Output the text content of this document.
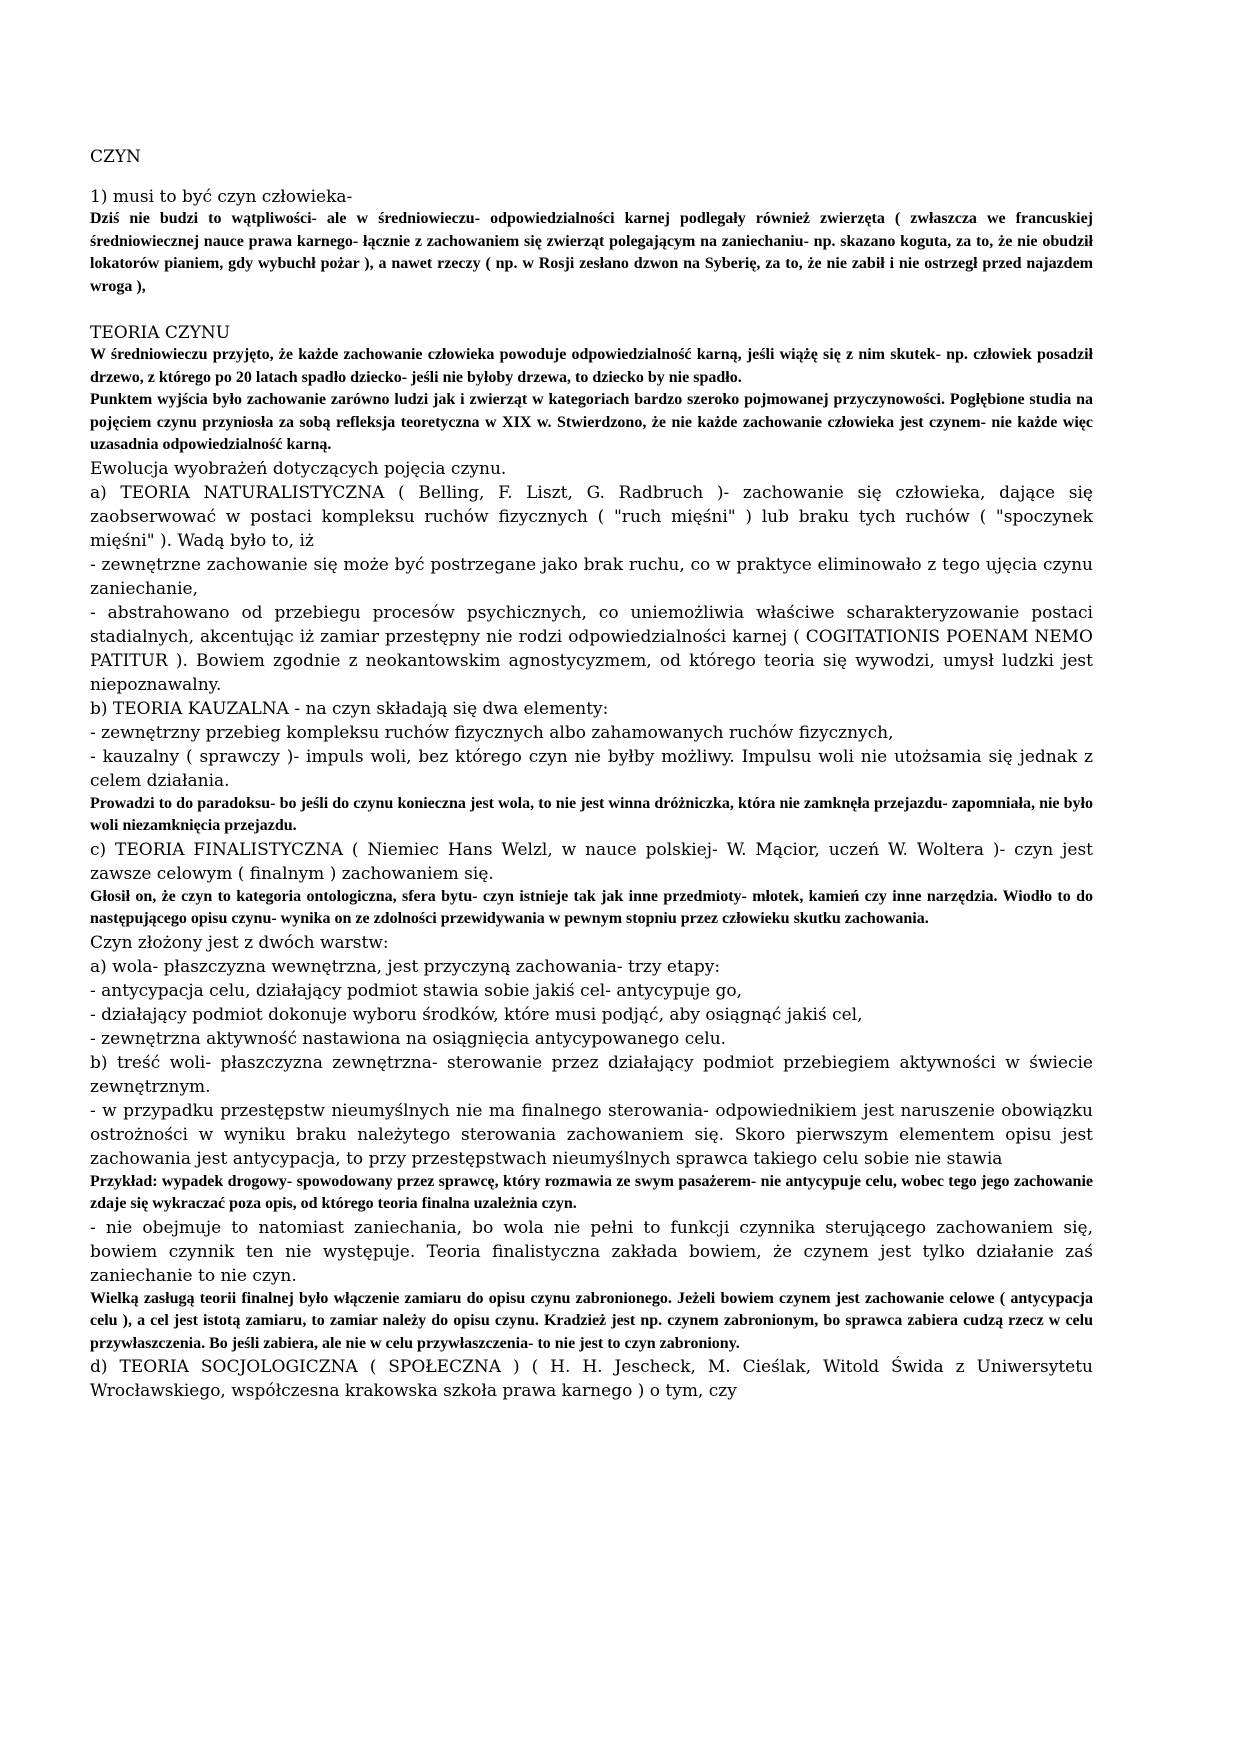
CZYN

1) musi to być czyn człowieka-

Dziś nie budzi to wątpliwości- ale w średniowieczu- odpowiedzialności karnej podlegały również zwierzęta ( zwłaszcza we francuskiej średniowiecznej nauce prawa karnego- łącznie z zachowaniem się zwierząt polegającym na zaniechaniu- np. skazano koguta, za to, że nie obudził lokatorów pianiem, gdy wybuchł pożar ), a nawet rzeczy ( np. w Rosji zesłano dzwon na Syberię, za to, że nie zabił i nie ostrzegł przed najazdem wroga ),

TEORIA CZYNU

W średniowieczu przyjęto, że każde zachowanie człowieka powoduje odpowiedzialność karną, jeśli wiążę się z nim skutek- np. człowiek posadził drzewo, z którego po 20 latach spadło dziecko- jeśli nie byłoby drzewa, to dziecko by nie spadło.

Punktem wyjścia było zachowanie zarówno ludzi jak i zwierząt w kategoriach bardzo szeroko pojmowanej przyczynowości. Pogłębione studia na pojęciem czynu przyniosła za sobą refleksja teoretyczna w XIX w. Stwierdzono, że nie każde zachowanie człowieka jest czynem- nie każde więc uzasadnia odpowiedzialność karną.

Ewolucja wyobrażeń dotyczących pojęcia czynu.

a) TEORIA NATURALISTYCZNA ( Belling, F. Liszt, G. Radbruch )- zachowanie się człowieka, dające się zaobserwować w postaci kompleksu ruchów fizycznych ( "ruch mięśni" ) lub braku tych ruchów ( "spoczynek mięśni" ). Wadą było to, iż

- zewnętrzne zachowanie się może być postrzegane jako brak ruchu, co w praktyce eliminowało z tego ujęcia czynu zaniechanie,

- abstrahowano od przebiegu procesów psychicznych, co uniemożliwia właściwe scharakteryzowanie postaci stadialnych, akcentując iż zamiar przestępny nie rodzi odpowiedzialności karnej ( COGITATIONIS POENAM NEMO PATITUR ). Bowiem zgodnie z neokantowskim agnostycyzmem, od którego teoria się wywodzi, umysł ludzki jest niepoznawalny.

b) TEORIA KAUZALNA - na czyn składają się dwa elementy:

- zewnętrzny przebieg kompleksu ruchów fizycznych albo zahamowanych ruchów fizycznych,

- kauzalny ( sprawczy )- impuls woli, bez którego czyn nie byłby możliwy. Impulsu woli nie utożsamia się jednak z celem działania.

Prowadzi to do paradoksu- bo jeśli do czynu konieczna jest wola, to nie jest winna dróżniczka, która nie zamknęła przejazdu- zapomniała, nie było woli niezamknięcia przejazdu.

c) TEORIA FINALISTYCZNA ( Niemiec Hans Welzl, w nauce polskiej- W. Mącior, uczeń W. Woltera )- czyn jest zawsze celowym ( finalnym ) zachowaniem się.

Głosił on, że czyn to kategoria ontologiczna, sfera bytu- czyn istnieje tak jak inne przedmioty- młotek, kamień czy inne narzędzia. Wiodło to do następującego opisu czynu- wynika on ze zdolności przewidywania w pewnym stopniu przez człowieku skutku zachowania.

Czyn złożony jest z dwóch warstw:

a) wola- płaszczyzna wewnętrzna, jest przyczyną zachowania- trzy etapy:

- antycypacja celu, działający podmiot stawia sobie jakiś cel- antycypuje go,

- działający podmiot dokonuje wyboru środków, które musi podjąć, aby osiągnąć jakiś cel,

- zewnętrzna aktywność nastawiona na osiągnięcia antycypowanego celu.

b) treść woli- płaszczyzna zewnętrzna- sterowanie przez działający podmiot przebiegiem aktywności w świecie zewnętrznym.

- w przypadku przestępstw nieumyślnych nie ma finalnego sterowania- odpowiednikiem jest naruszenie obowiązku ostrożności w wyniku braku należytego sterowania zachowaniem się. Skoro pierwszym elementem opisu jest zachowania jest antycypacja, to przy przestępstwach nieumyślnych sprawca takiego celu sobie nie stawia

Przykład: wypadek drogowy- spowodowany przez sprawcę, który rozmawia ze swym pasażerem- nie antycypuje celu, wobec tego jego zachowanie zdaje się wykraczać poza opis, od którego teoria finalna uzależnia czyn.

- nie obejmuje to natomiast zaniechania, bo wola nie pełni to funkcji czynnika sterującego zachowaniem się, bowiem czynnik ten nie występuje. Teoria finalistyczna zakłada bowiem, że czynem jest tylko działanie zaś zaniechanie to nie czyn.

Wielką zasługą teorii finalnej było włączenie zamiaru do opisu czynu zabronionego. Jeżeli bowiem czynem jest zachowanie celowe ( antycypacja celu ), a cel jest istotą zamiaru, to zamiar należy do opisu czynu. Kradzież jest np. czynem zabronionym, bo sprawca zabiera cudzą rzecz w celu przywłaszczenia. Bo jeśli zabiera, ale nie w celu przywłaszczenia- to nie jest to czyn zabroniony.

d) TEORIA SOCJOLOGICZNA ( SPOŁECZNA ) ( H. H. Jescheck, M. Cieślak, Witold Świda z Uniwersytetu Wrocławskiego, współczesna krakowska szkoła prawa karnego ) o tym, czy
